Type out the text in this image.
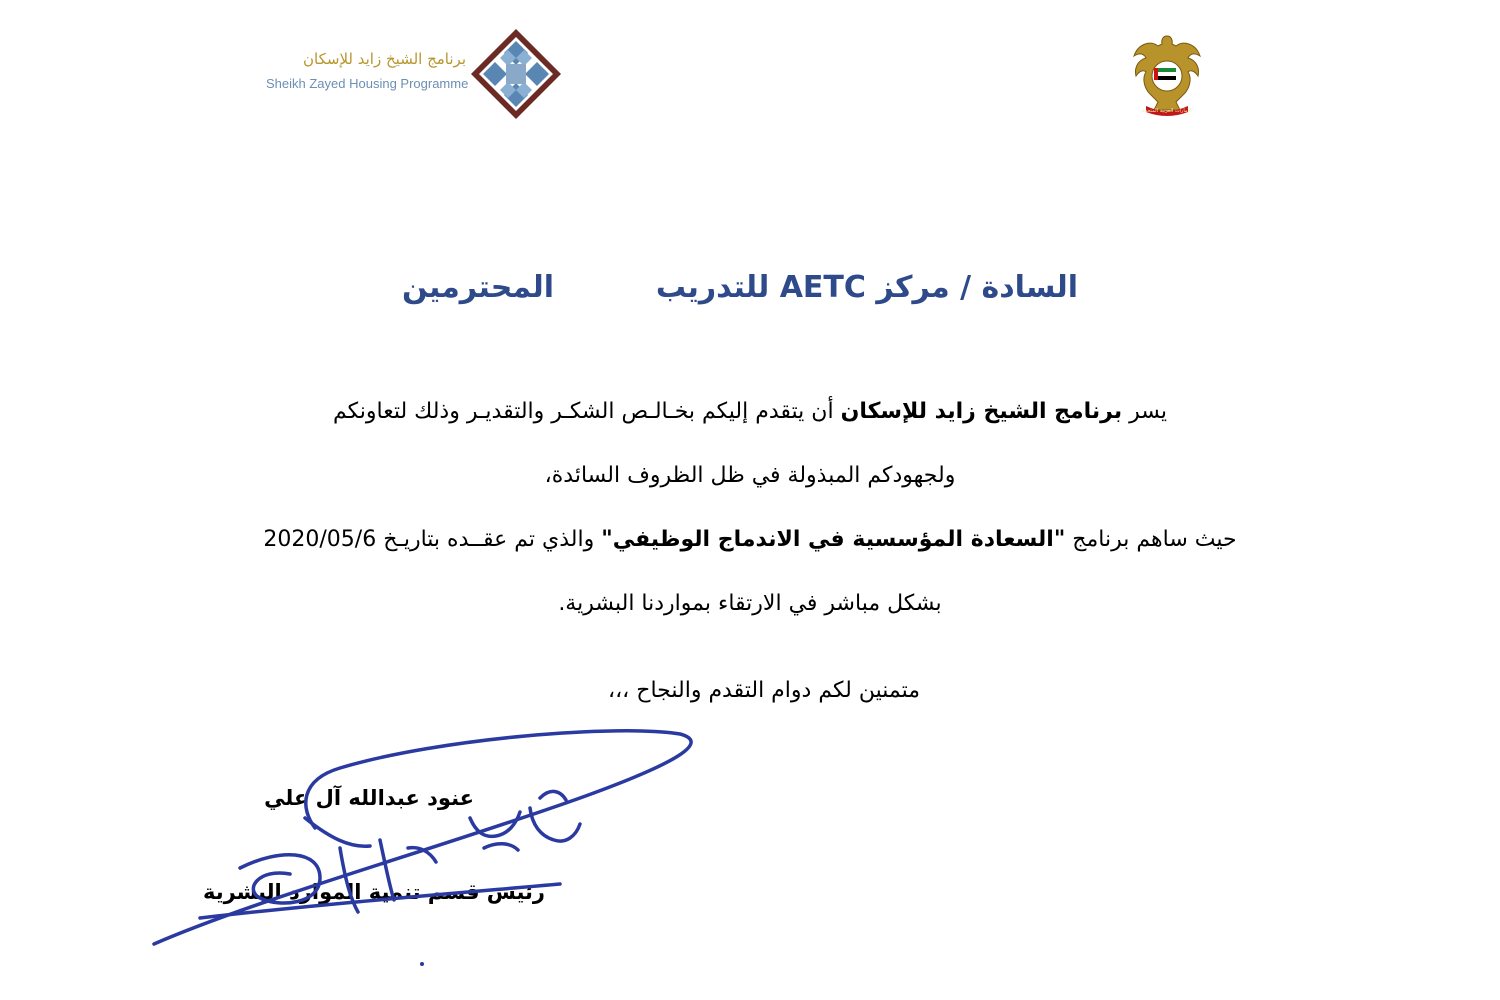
برنامج الشيخ زايد للإسكان
Sheikh Zayed Housing Programme
الإمارات العربية المتحدة
السادة / مركز AETC للتدريب
المحترمين
يسر برنامج الشيخ زايد للإسكان أن يتقدم إليكم بخـالـص الشكـر والتقديـر وذلك لتعاونكم
ولجهودكم المبذولة في ظل الظروف السائدة،
حيث ساهم برنامج "السعادة المؤسسية في الاندماج الوظيفي" والذي تم عقــده بتاريـخ 2020/05/6
بشكل مباشر في الارتقاء بمواردنا البشرية.
متمنين لكم دوام التقدم والنجاح ،،،
عنود عبدالله آل علي
رئيس قسم تنمية الموارد البشرية
